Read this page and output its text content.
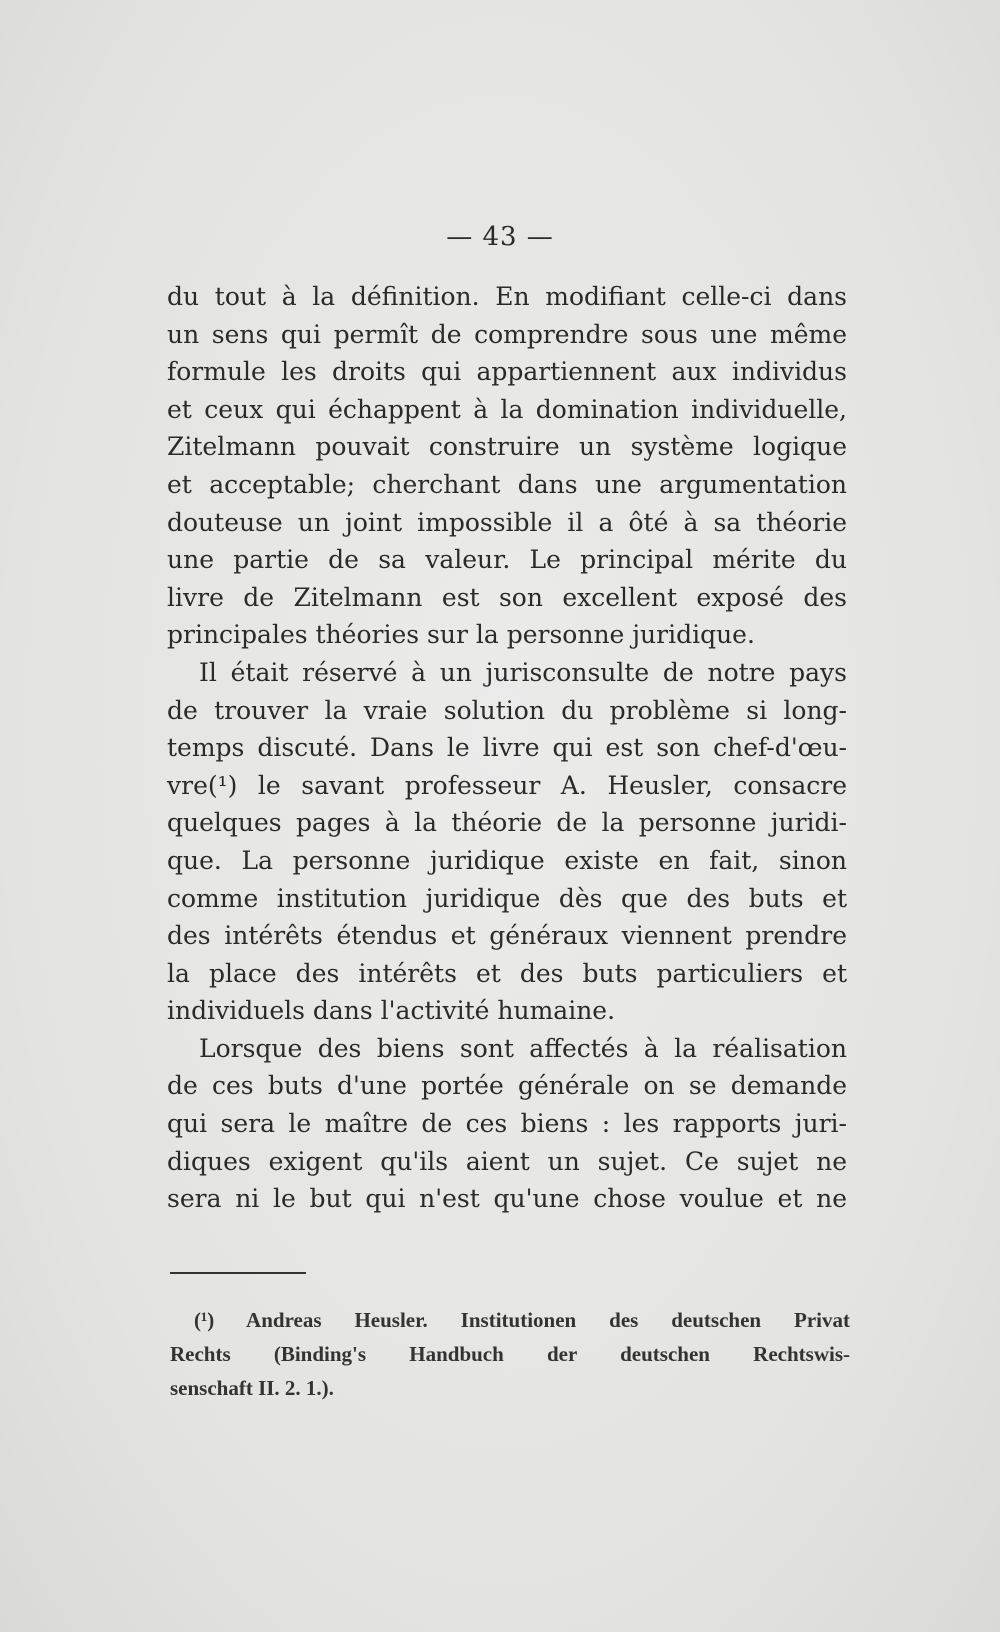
— 43 —
du tout à la définition. En modifiant celle-ci dans
un sens qui permît de comprendre sous une même
formule les droits qui appartiennent aux individus
et ceux qui échappent à la domination individuelle,
Zitelmann pouvait construire un système logique
et acceptable; cherchant dans une argumentation
douteuse un joint impossible il a ôté à sa théorie
une partie de sa valeur. Le principal mérite du
livre de Zitelmann est son excellent exposé des
principales théories sur la personne juridique.
Il était réservé à un jurisconsulte de notre pays
de trouver la vraie solution du problème si long-
temps discuté. Dans le livre qui est son chef-d'œu-
vre(¹) le savant professeur A. Heusler, consacre
quelques pages à la théorie de la personne juridi-
que. La personne juridique existe en fait, sinon
comme institution juridique dès que des buts et
des intérêts étendus et généraux viennent prendre
la place des intérêts et des buts particuliers et
individuels dans l'activité humaine.
Lorsque des biens sont affectés à la réalisation
de ces buts d'une portée générale on se demande
qui sera le maître de ces biens : les rapports juri-
diques exigent qu'ils aient un sujet. Ce sujet ne
sera ni le but qui n'est qu'une chose voulue et ne
(¹) Andreas Heusler. Institutionen des deutschen Privat
Rechts (Binding's Handbuch der deutschen Rechtswis-
senschaft II. 2. 1.).
